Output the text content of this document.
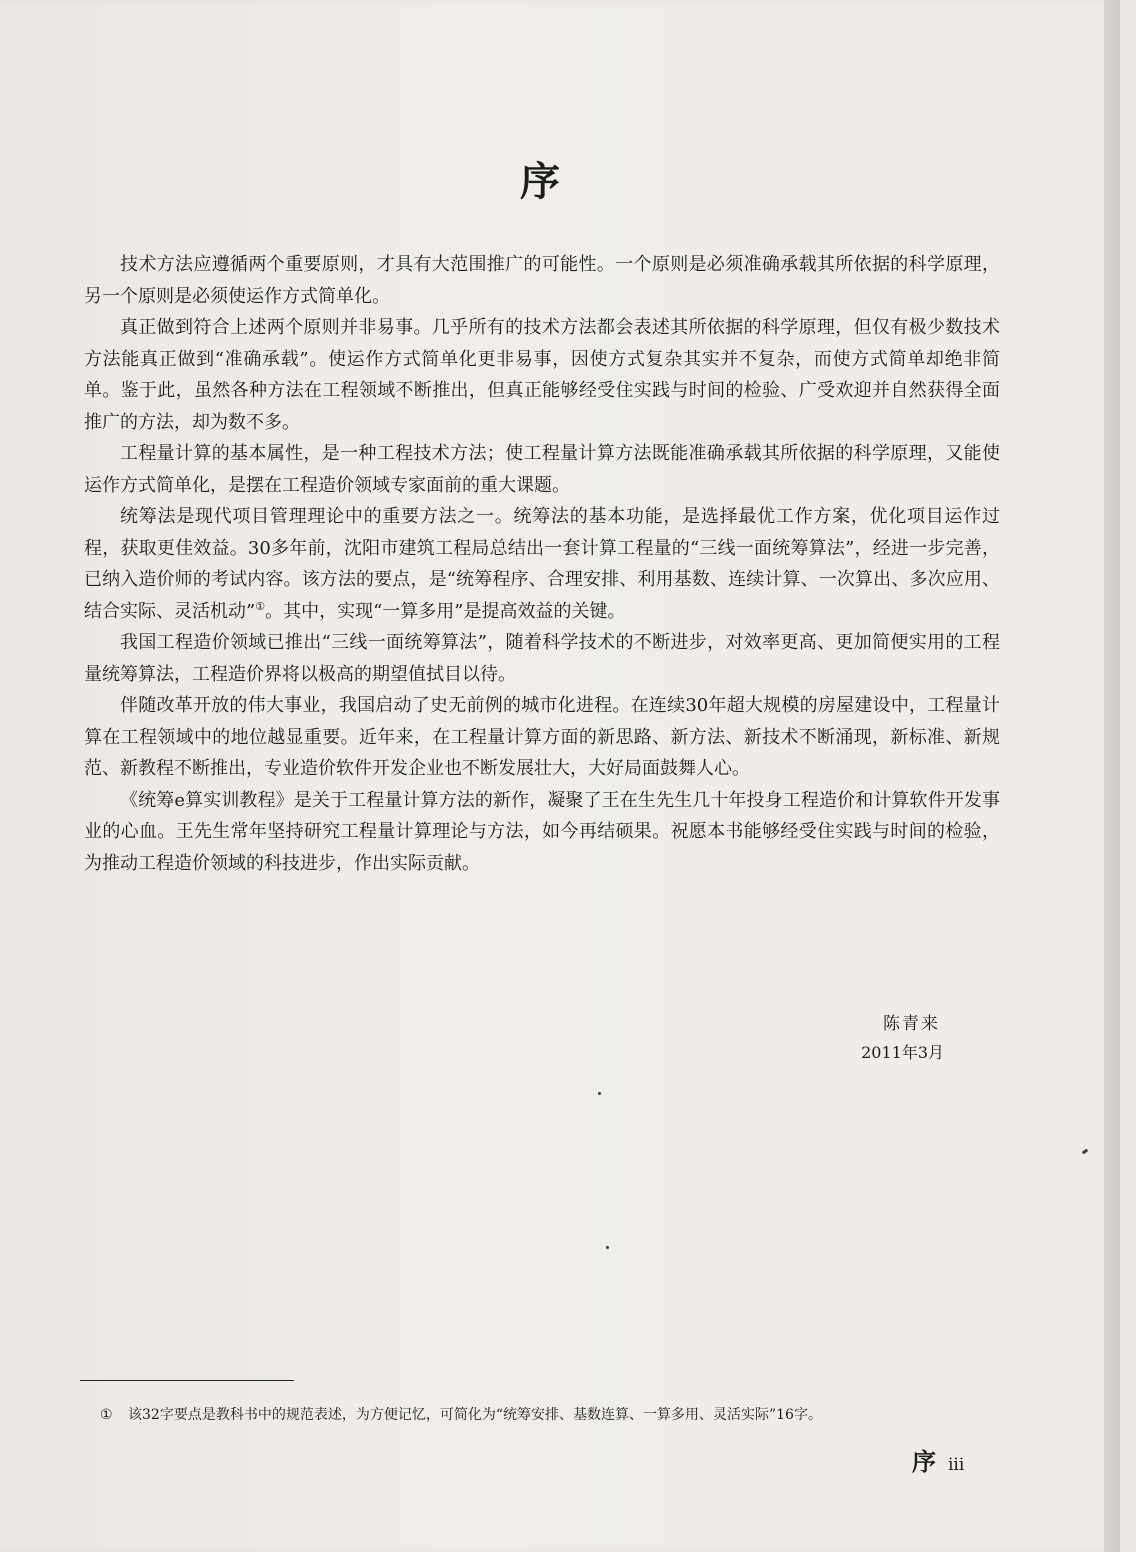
序

技术方法应遵循两个重要原则，才具有大范围推广的可能性。一个原则是必须准确承载其所依据的科学原理，另一个原则是必须使运作方式简单化。

真正做到符合上述两个原则并非易事。几乎所有的技术方法都会表述其所依据的科学原理，但仅有极少数技术方法能真正做到“准确承载”。使运作方式简单化更非易事，因使方式复杂其实并不复杂，而使方式简单却绝非简单。鉴于此，虽然各种方法在工程领域不断推出，但真正能够经受住实践与时间的检验、广受欢迎并自然获得全面推广的方法，却为数不多。

工程量计算的基本属性，是一种工程技术方法；使工程量计算方法既能准确承载其所依据的科学原理，又能使运作方式简单化，是摆在工程造价领域专家面前的重大课题。

统筹法是现代项目管理理论中的重要方法之一。统筹法的基本功能，是选择最优工作方案，优化项目运作过程，获取更佳效益。30多年前，沈阳市建筑工程局总结出一套计算工程量的“三线一面统筹算法”，经进一步完善，已纳入造价师的考试内容。该方法的要点，是“统筹程序、合理安排、利用基数、连续计算、一次算出、多次应用、结合实际、灵活机动”①。其中，实现“一算多用”是提高效益的关键。

我国工程造价领域已推出“三线一面统筹算法”，随着科学技术的不断进步，对效率更高、更加简便实用的工程量统筹算法，工程造价界将以极高的期望值拭目以待。

伴随改革开放的伟大事业，我国启动了史无前例的城市化进程。在连续30年超大规模的房屋建设中，工程量计算在工程领域中的地位越显重要。近年来，在工程量计算方面的新思路、新方法、新技术不断涌现，新标准、新规范、新教程不断推出，专业造价软件开发企业也不断发展壮大，大好局面鼓舞人心。

《统筹e算实训教程》是关于工程量计算方法的新作，凝聚了王在生先生几十年投身工程造价和计算软件开发事业的心血。王先生常年坚持研究工程量计算理论与方法，如今再结硕果。祝愿本书能够经受住实践与时间的检验，为推动工程造价领域的科技进步，作出实际贡献。

陈青来
2011年3月
① 该32字要点是教科书中的规范表述，为方便记忆，可简化为“统筹安排、基数连算、一算多用、灵活实际”16字。
序 iii
